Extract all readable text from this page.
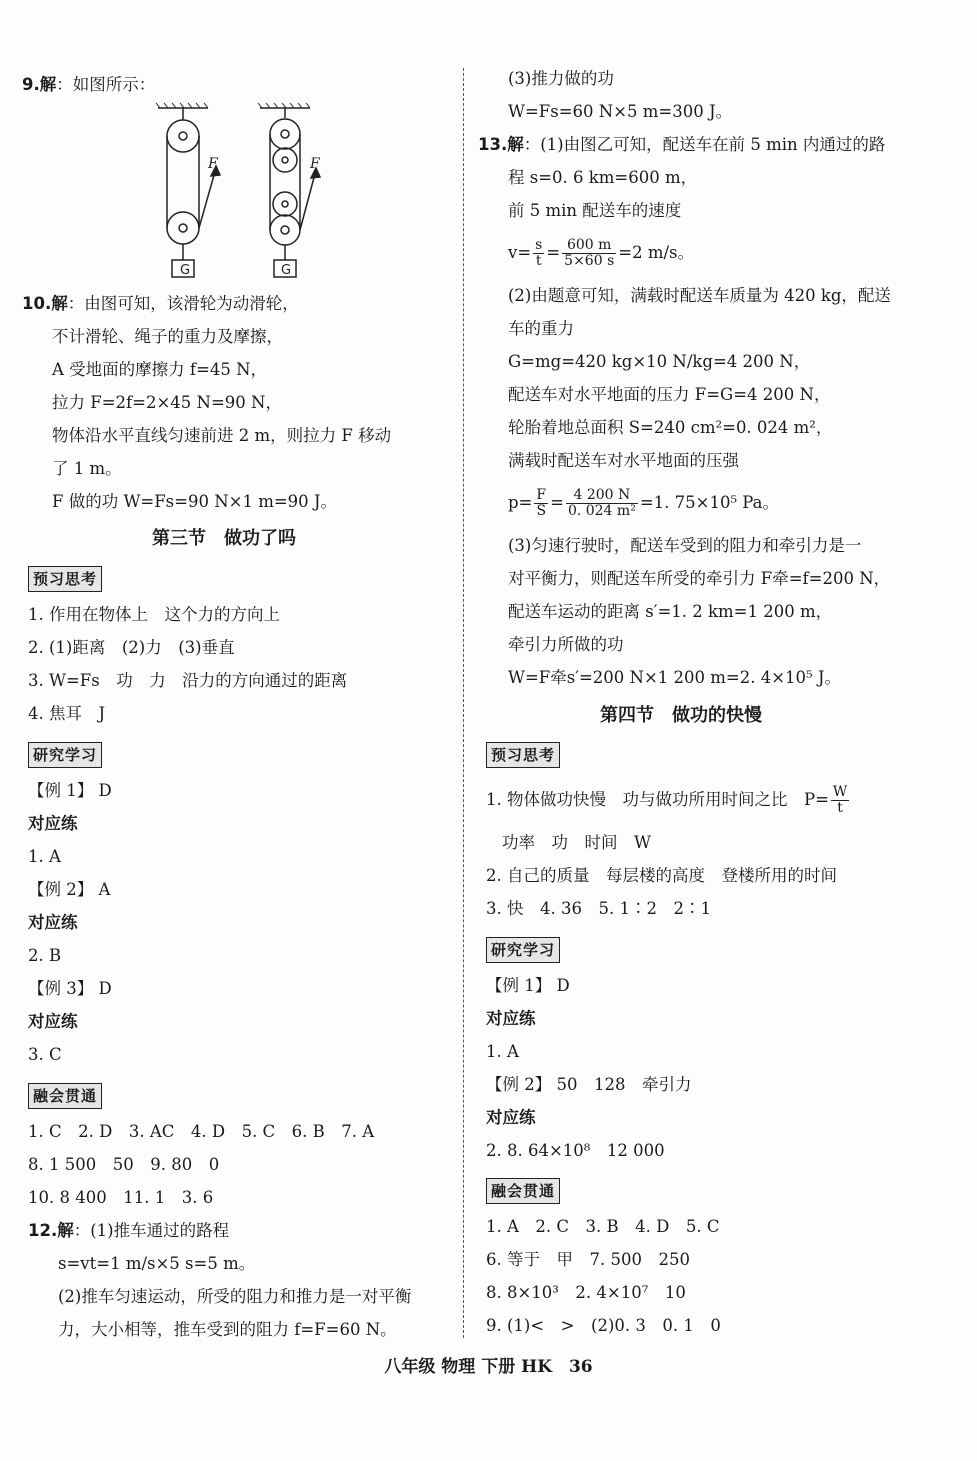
9.解：如图所示：
G
F
G
F
10.解：由图可知，该滑轮为动滑轮，
不计滑轮、绳子的重力及摩擦，
A 受地面的摩擦力 f=45 N，
拉力 F=2f=2×45 N=90 N，
物体沿水平直线匀速前进 2 m，则拉力 F 移动
了 1 m。
F 做的功 W=Fs=90 N×1 m=90 J。
第三节　做功了吗
预习思考
1. 作用在物体上　这个力的方向上
2. (1)距离　(2)力　(3)垂直
3. W=Fs　功　力　沿力的方向通过的距离
4. 焦耳　J
研究学习
【例 1】 D
对应练
1. A
【例 2】 A
对应练
2. B
【例 3】 D
对应练
3. C
融会贯通
1. C　2. D　3. AC　4. D　5. C　6. B　7. A
8. 1 500　50　9. 80　0
10. 8 400　11. 1　3. 6
12.解：(1)推车通过的路程
s=vt=1 m/s×5 s=5 m。
(2)推车匀速运动，所受的阻力和推力是一对平衡
力，大小相等，推车受到的阻力 f=F=60 N。
(3)推力做的功
W=Fs=60 N×5 m=300 J。
13.解：(1)由图乙可知，配送车在前 5 min 内通过的路
程 s=0. 6 km=600 m，
前 5 min 配送车的速度
$v= \frac{s}{t} = \frac{600 m}{5\times 60 s} =2$ m/s。
(2)由题意可知，满载时配送车质量为 420 kg，配送
车的重力
G=mg=420 kg×10 N/kg=4 200 N，
配送车对水平地面的压力 F=G=4 200 N，
轮胎着地总面积 S=240 cm²=0. 024 m²，
满载时配送车对水平地面的压强
$p= \frac{F}{S} = \frac{4 200 N}{\text{0. 024 m²}} =1$. 75×10⁵ Pa。
(3)匀速行驶时，配送车受到的阻力和牵引力是一
对平衡力，则配送车所受的牵引力 F牵=f=200 N，
配送车运动的距离 s′=1. 2 km=1 200 m，
牵引力所做的功
W=F牵s′=200 N×1 200 m=2. 4×10⁵ J。
第四节　做功的快慢
预习思考
1. 物体做功快慢　功与做功所用时间之比　$P= \frac{W}{t}$
功率　功　时间　W
2. 自己的质量　每层楼的高度　登楼所用的时间
3. 快　4. 36　5. 1∶2　2∶1
研究学习
【例 1】 D
对应练
1. A
【例 2】 50　128　牵引力
对应练
2. 8. 64×10⁸　12 000
融会贯通
1. A　2. C　3. B　4. D　5. C
6. 等于　甲　7. 500　250
8. 8×10³　2. 4×10⁷　10
9. (1)<　>　(2)0. 3　0. 1　0
八年级 物理 下册 HK　36
